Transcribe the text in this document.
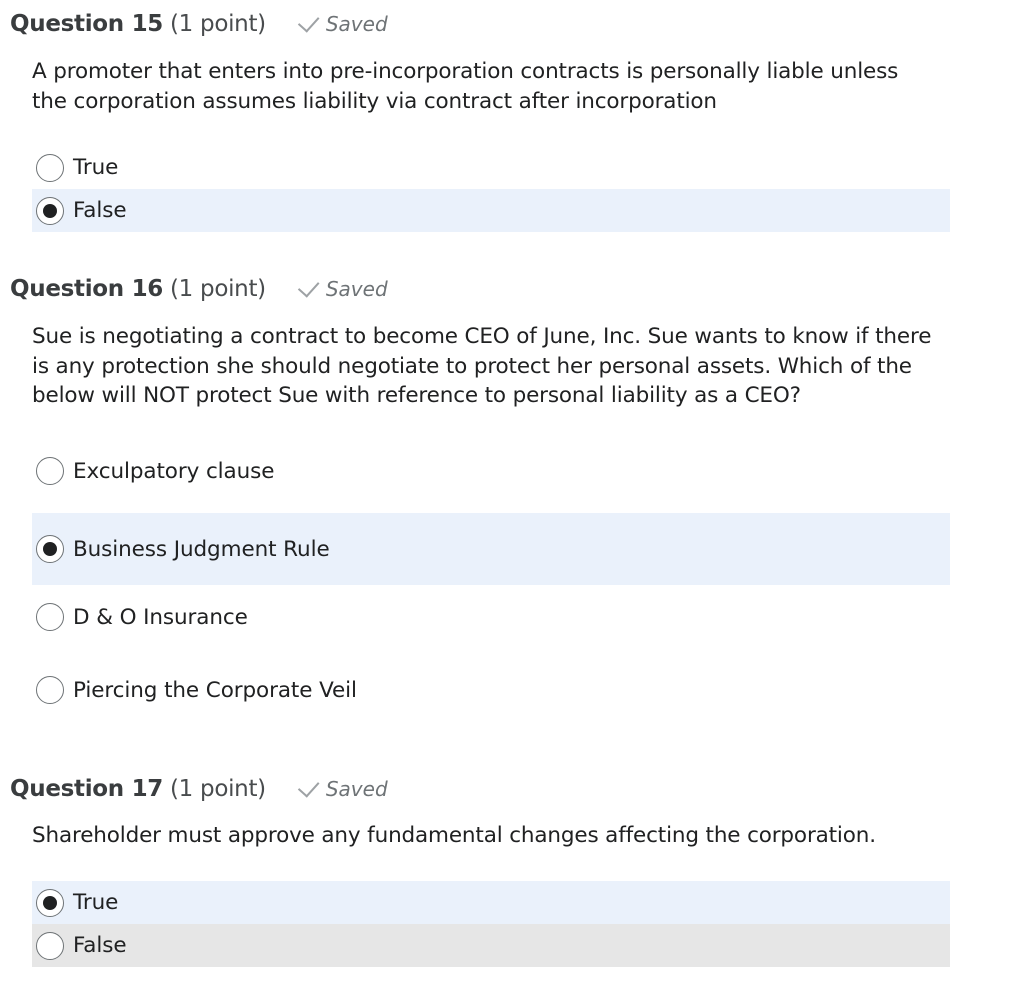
Question 15 (1 point)	Saved
A promoter that enters into pre-incorporation contracts is personally liable unless
the corporation assumes liability via contract after incorporation
True
False
Question 16 (1 point)	Saved
Sue is negotiating a contract to become CEO of June, Inc. Sue wants to know if there
is any protection she should negotiate to protect her personal assets. Which of the
below will NOT protect Sue with reference to personal liability as a CEO?
Exculpatory clause
Business Judgment Rule
D & O Insurance
Piercing the Corporate Veil
Question 17 (1 point)	Saved
Shareholder must approve any fundamental changes affecting the corporation.
True
False
